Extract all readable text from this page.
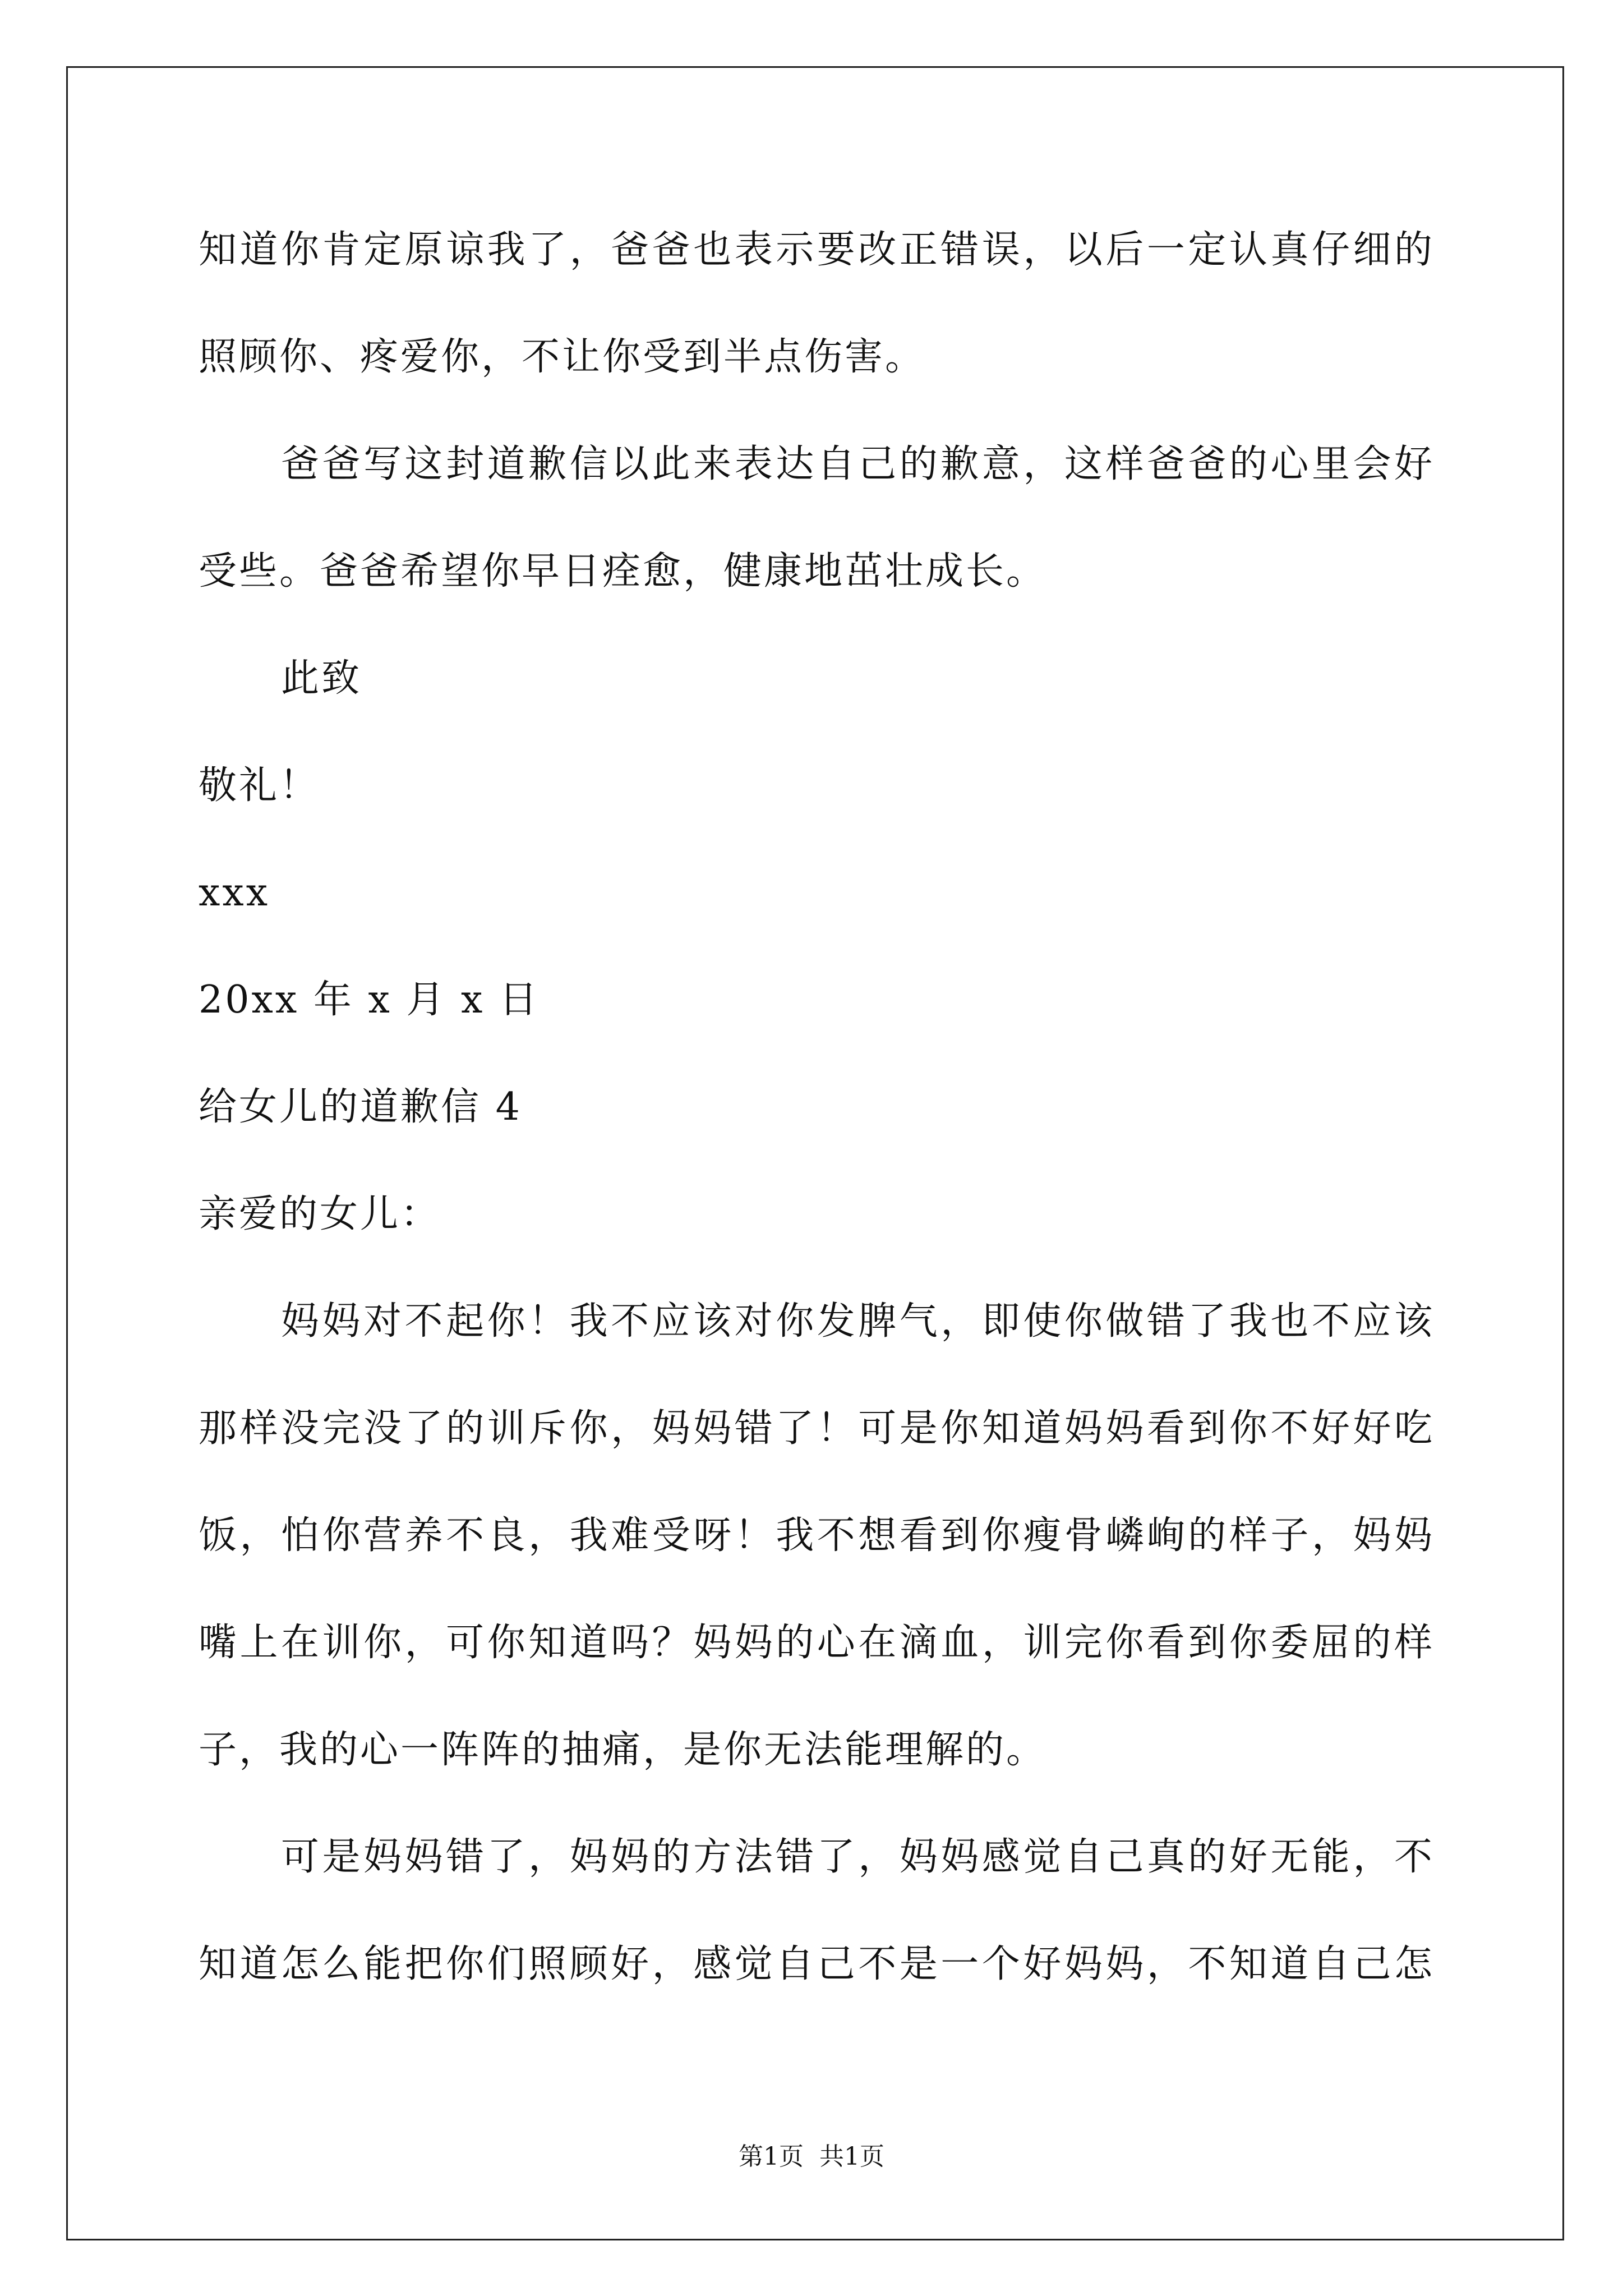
知道你肯定原谅我了，爸爸也表示要改正错误，以后一定认真仔细的
照顾你、疼爱你，不让你受到半点伤害。
爸爸写这封道歉信以此来表达自己的歉意，这样爸爸的心里会好
受些。爸爸希望你早日痊愈，健康地茁壮成长。
此致
敬礼！
xxx
20xx 年 x 月 x 日
给女儿的道歉信 4
亲爱的女儿：
妈妈对不起你！我不应该对你发脾气，即使你做错了我也不应该
那样没完没了的训斥你，妈妈错了！可是你知道妈妈看到你不好好吃
饭，怕你营养不良，我难受呀！我不想看到你瘦骨嶙峋的样子，妈妈
嘴上在训你，可你知道吗？妈妈的心在滴血，训完你看到你委屈的样
子，我的心一阵阵的抽痛，是你无法能理解的。
可是妈妈错了，妈妈的方法错了，妈妈感觉自己真的好无能，不
知道怎么能把你们照顾好，感觉自己不是一个好妈妈，不知道自己怎
第1页  共1页
